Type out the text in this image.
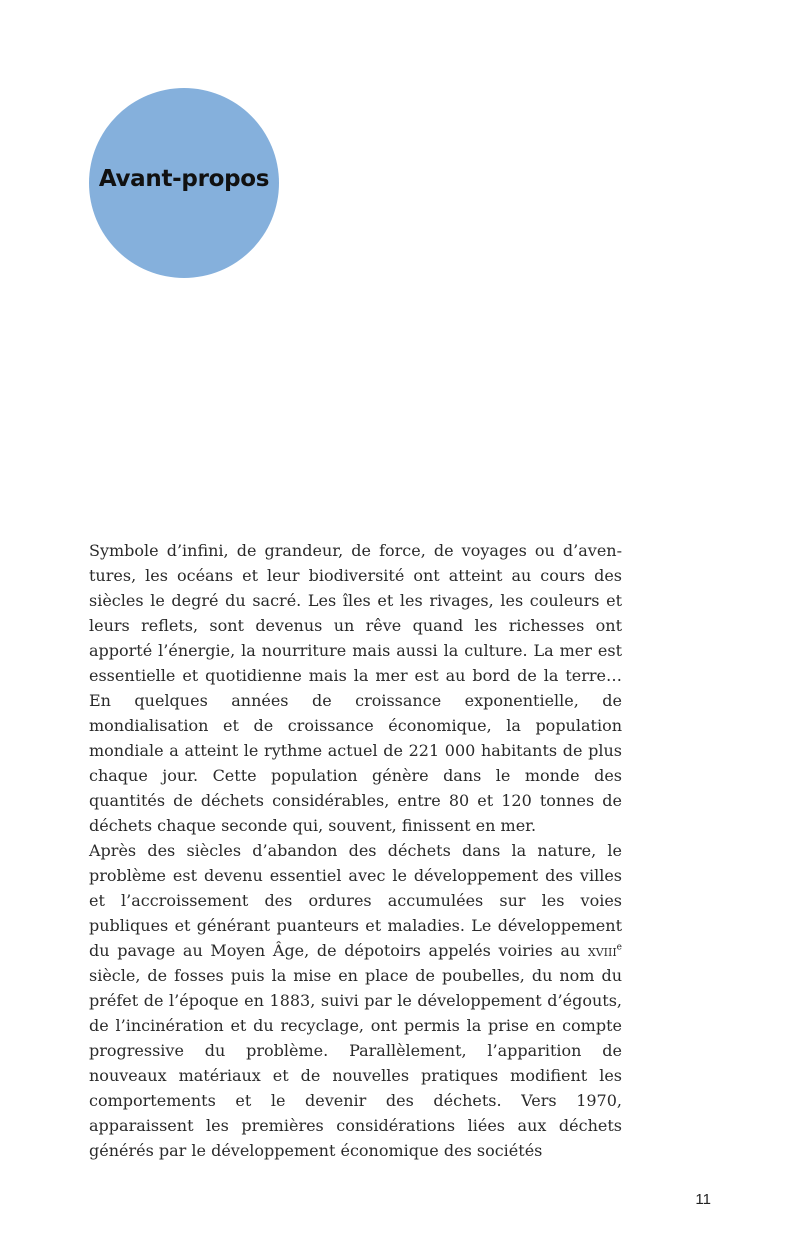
Avant-propos

Symbole d’infini, de grandeur, de force, de voyages ou d’aventures, les océans et leur biodiversité ont atteint au cours des siècles le degré du sacré. Les îles et les rivages, les couleurs et leurs reflets, sont devenus un rêve quand les richesses ont apporté l’énergie, la nourriture mais aussi la culture. La mer est essentielle et quotidienne mais la mer est au bord de la terre… En quelques années de croissance exponentielle, de mondialisation et de croissance économique, la population mondiale a atteint le rythme actuel de 221 000 habitants de plus chaque jour. Cette population génère dans le monde des quantités de déchets considérables, entre 80 et 120 tonnes de déchets chaque seconde qui, souvent, finissent en mer.

Après des siècles d’abandon des déchets dans la nature, le problème est devenu essentiel avec le développement des villes et l’accroissement des ordures accumulées sur les voies publiques et générant puanteurs et maladies. Le développement du pavage au Moyen Âge, de dépotoirs appelés voiries au xviii$^e$ siècle, de fosses puis la mise en place de poubelles, du nom du préfet de l’époque en 1883, suivi par le développement d’égouts, de l’incinération et du recyclage, ont permis la prise en compte progressive du problème. Parallèlement, l’apparition de nouveaux matériaux et de nouvelles pratiques modifient les comportements et le devenir des déchets. Vers 1970, apparaissent les premières considérations liées aux déchets générés par le développement économique des sociétés

11
